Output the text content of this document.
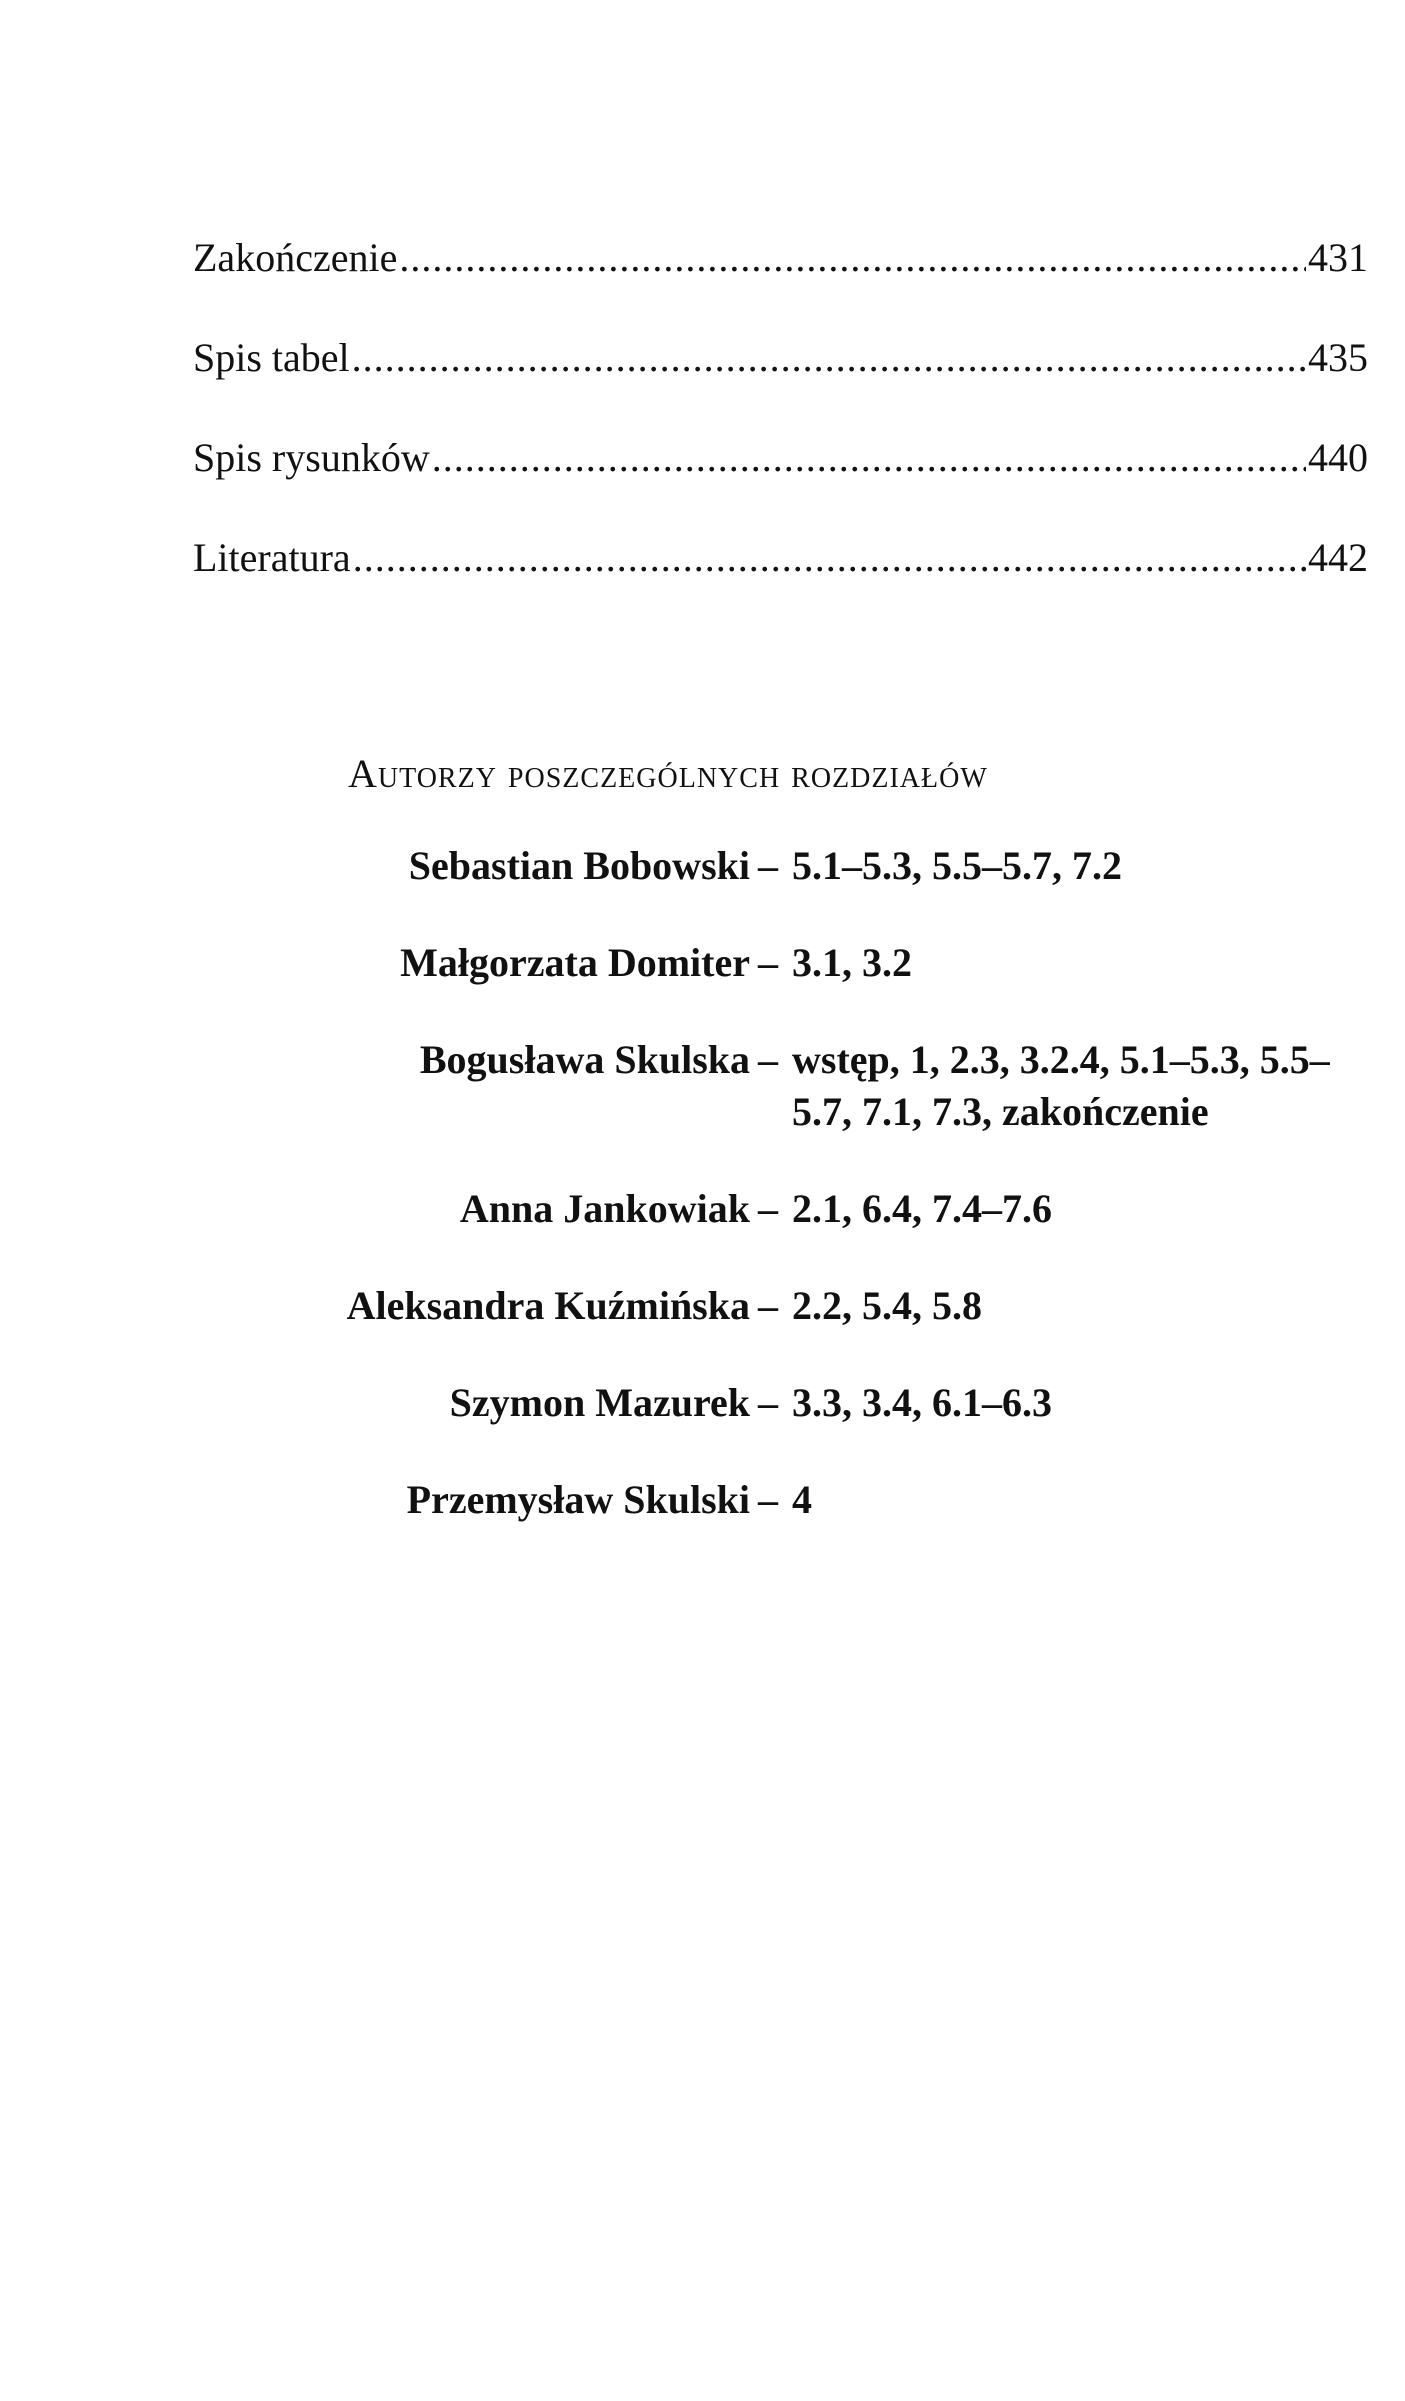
Zakończenie .....	431
Spis tabel .....	435
Spis rysunków .....	440
Literatura .....	442
Autorzy poszczególnych rozdziałów
Sebastian Bobowski – 5.1–5.3, 5.5–5.7, 7.2
Małgorzata Domiter – 3.1, 3.2
Bogusława Skulska – wstęp, 1, 2.3, 3.2.4, 5.1–5.3, 5.5–5.7, 7.1, 7.3, zakończenie
Anna Jankowiak – 2.1, 6.4, 7.4–7.6
Aleksandra Kuźmińska – 2.2, 5.4, 5.8
Szymon Mazurek – 3.3, 3.4, 6.1–6.3
Przemysław Skulski – 4
